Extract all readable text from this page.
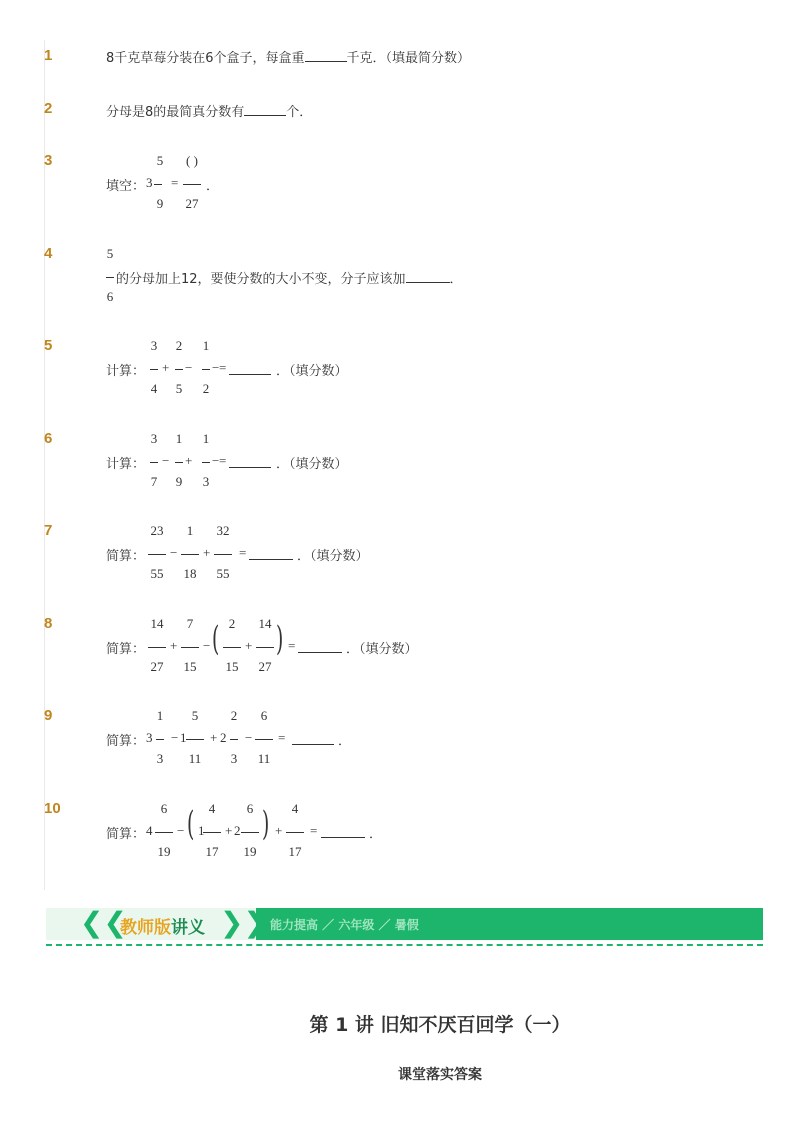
1	8千克草莓分装在6个盒子，每盒重	千克．（填最简分数）
2	分母是8的最简真分数有	个．
3
填空： 3
5
9
=
( )
27
．
4	5
6
的分母加上12，要使分数的大小不变，分子应该加	．
5
计算：
3
4
+
2
5
−
1
2
− =	．（填分数）
6
计算：
3
7
−
1
9
+
1
3
− =	．（填分数）
7
简算：
23
55
−
1
18
+
32
55
=	．（填分数）
8
简算：
14
27
+
7
15
− ( 2
15
+
14
27
) =	．（填分数）
9
简算： 3
1
3
− 1
5
11
+ 2
2
3
−
6
11
=	．
10
简算： 4
6
19
− ( 1
4
17
+ 2
6
19
) +
4
17
=	．
❮❮
教师版讲义 ❯❯ 能力提高 ／ 六年级 ／ 暑假
第 1 讲 旧知不厌百回学（一）
课堂落实答案
